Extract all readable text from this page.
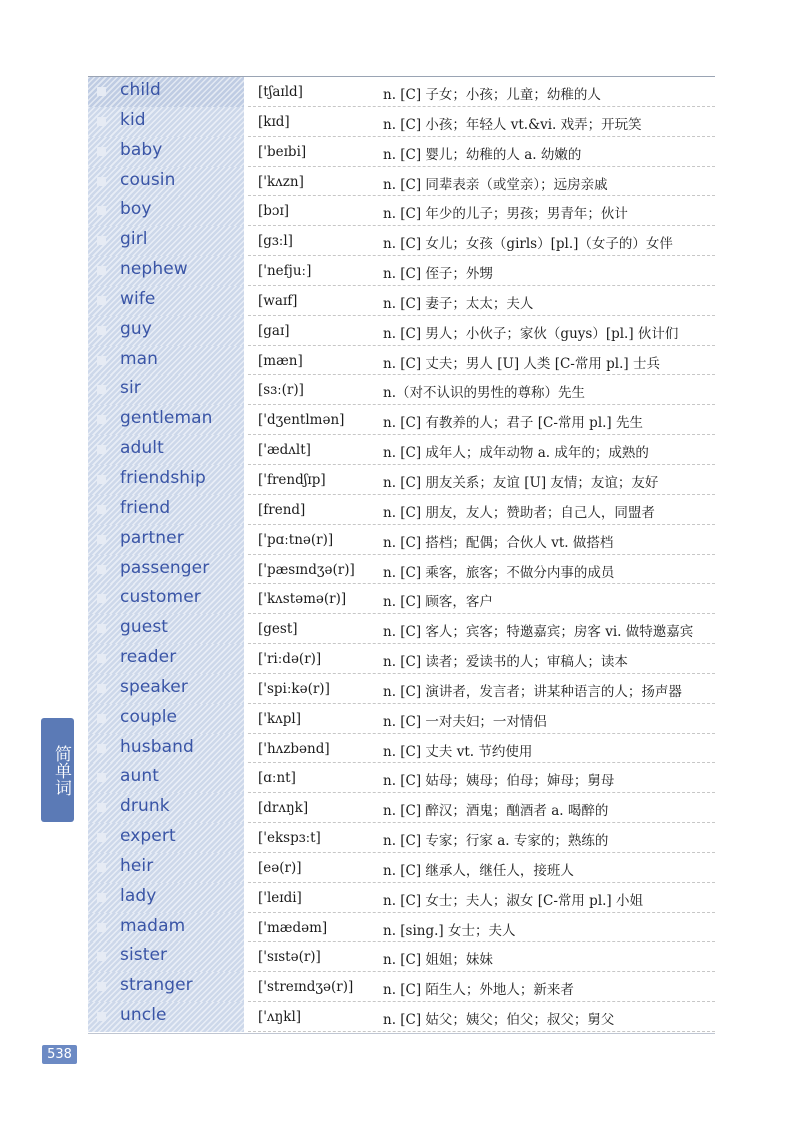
child	[tʃaɪld]	n. [C] 子女；小孩；儿童；幼稚的人
kid	[kɪd]	n. [C] 小孩；年轻人 vt.&vi. 戏弄；开玩笑
baby	['beɪbi]	n. [C] 婴儿；幼稚的人 a. 幼嫩的
cousin	['kʌzn]	n. [C] 同辈表亲（或堂亲）；远房亲戚
boy	[bɔɪ]	n. [C] 年少的儿子；男孩；男青年；伙计
girl	[gɜːl]	n. [C] 女儿；女孩（girls）[pl.]（女子的）女伴
nephew	['nefjuː]	n. [C] 侄子；外甥
wife	[waɪf]	n. [C] 妻子；太太；夫人
guy	[gaɪ]	n. [C] 男人；小伙子；家伙（guys）[pl.] 伙计们
man	[mæn]	n. [C] 丈夫；男人 [U] 人类 [C-常用 pl.] 士兵
sir	[sɜː(r)]	n.（对不认识的男性的尊称）先生
gentleman	['dʒentlmən]	n. [C] 有教养的人；君子 [C-常用 pl.] 先生
adult	['ædʌlt]	n. [C] 成年人；成年动物 a. 成年的；成熟的
friendship	['frendʃɪp]	n. [C] 朋友关系；友谊 [U] 友情；友谊；友好
friend	[frend]	n. [C] 朋友，友人；赞助者；自己人，同盟者
partner	['pɑːtnə(r)]	n. [C] 搭档；配偶；合伙人 vt. 做搭档
passenger	['pæsɪndʒə(r)] n. [C] 乘客，旅客；不做分内事的成员
customer	['kʌstəmə(r)]	n. [C] 顾客，客户
guest	[gest]	n. [C] 客人；宾客；特邀嘉宾；房客 vi. 做特邀嘉宾
reader	['riːdə(r)]	n. [C] 读者；爱读书的人；审稿人；读本
speaker	['spiːkə(r)]	n. [C] 演讲者，发言者；讲某种语言的人；扬声器
couple	['kʌpl]	n. [C] 一对夫妇；一对情侣
husband	['hʌzbənd]	n. [C] 丈夫 vt. 节约使用
aunt	[ɑːnt]	n. [C] 姑母；姨母；伯母；婶母；舅母
drunk	[drʌŋk]	n. [C] 醉汉；酒鬼；酗酒者 a. 喝醉的
expert	['ekspɜːt]	n. [C] 专家；行家 a. 专家的；熟练的
heir	[eə(r)]	n. [C] 继承人，继任人，接班人
lady	['leɪdi]	n. [C] 女士；夫人；淑女 [C-常用 pl.] 小姐
madam	['mædəm]	n. [sing.] 女士；夫人
sister	['sɪstə(r)]	n. [C] 姐姐；妹妹
stranger	['streɪndʒə(r)] n. [C] 陌生人；外地人；新来者
uncle	['ʌŋkl]	n. [C] 姑父；姨父；伯父；叔父；舅父
简单词
538
